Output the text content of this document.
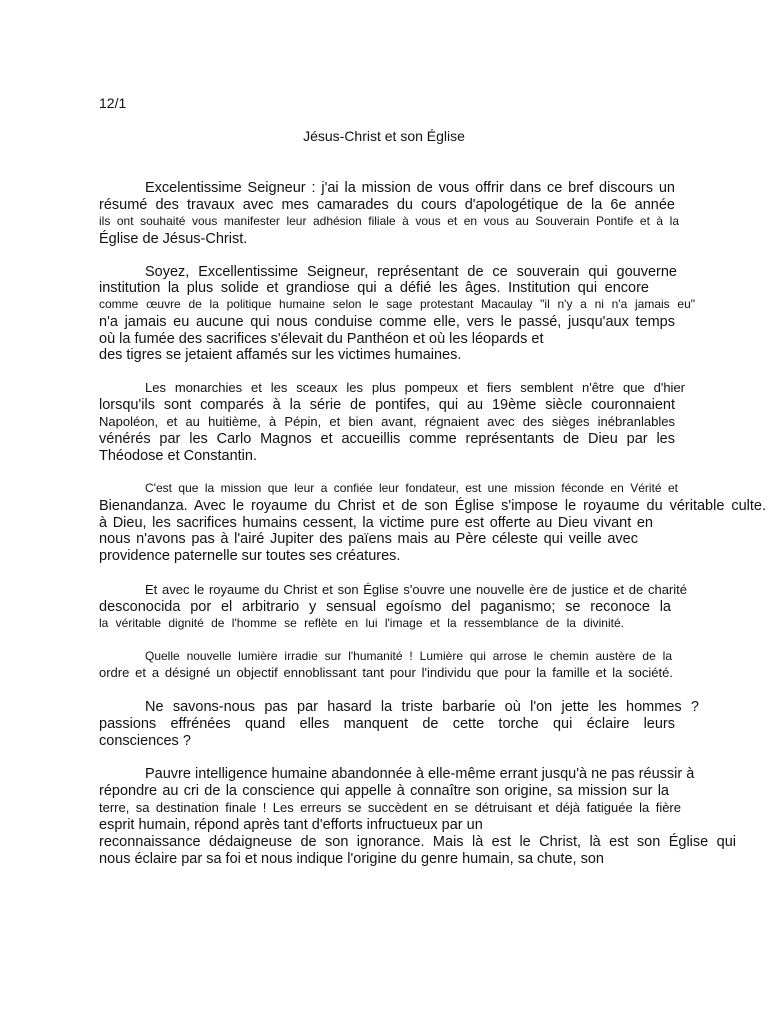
12/1
Jésus-Christ et son Église
Excelentissime Seigneur : j'ai la mission de vous offrir dans ce bref discours un
résumé des travaux avec mes camarades du cours d'apologétique de la 6e année
ils ont souhaité vous manifester leur adhésion filiale à vous et en vous au Souverain Pontife et à la
Église de Jésus-Christ.
Soyez, Excellentissime Seigneur, représentant de ce souverain qui gouverne
institution la plus solide et grandiose qui a défié les âges. Institution qui encore
comme œuvre de la politique humaine selon le sage protestant Macaulay "il n'y a ni n'a jamais eu"
n'a jamais eu aucune qui nous conduise comme elle, vers le passé, jusqu'aux temps
où la fumée des sacrifices s'élevait du Panthéon et où les léopards et
des tigres se jetaient affamés sur les victimes humaines.
Les monarchies et les sceaux les plus pompeux et fiers semblent n'être que d'hier
lorsqu'ils sont comparés à la série de pontifes, qui au 19ème siècle couronnaient
Napoléon, et au huitième, à Pépin, et bien avant, régnaient avec des sièges inébranlables
vénérés par les Carlo Magnos et accueillis comme représentants de Dieu par les
Théodose et Constantin.
C'est que la mission que leur a confiée leur fondateur, est une mission féconde en Vérité et
Bienandanza. Avec le royaume du Christ et de son Église s'impose le royaume du véritable culte.
à Dieu, les sacrifices humains cessent, la victime pure est offerte au Dieu vivant en
nous n'avons pas à l'airé Jupiter des païens mais au Père céleste qui veille avec
providence paternelle sur toutes ses créatures.
Et avec le royaume du Christ et son Église s'ouvre une nouvelle ère de justice et de charité
desconocida por el arbitrario y sensual egoísmo del paganismo; se reconoce la
la véritable dignité de l'homme se reflète en lui l'image et la ressemblance de la divinité.
Quelle nouvelle lumière irradie sur l'humanité ! Lumière qui arrose le chemin austère de la
ordre et a désigné un objectif ennoblissant tant pour l'individu que pour la famille et la société.
Ne savons-nous pas par hasard la triste barbarie où l'on jette les hommes ?
passions effrénées quand elles manquent de cette torche qui éclaire leurs
consciences ?
Pauvre intelligence humaine abandonnée à elle-même errant jusqu'à ne pas réussir à
répondre au cri de la conscience qui appelle à connaître son origine, sa mission sur la
terre, sa destination finale ! Les erreurs se succèdent en se détruisant et déjà fatiguée la fière
esprit humain, répond après tant d'efforts infructueux par un
reconnaissance dédaigneuse de son ignorance. Mais là est le Christ, là est son Église qui
nous éclaire par sa foi et nous indique l'origine du genre humain, sa chute, son
